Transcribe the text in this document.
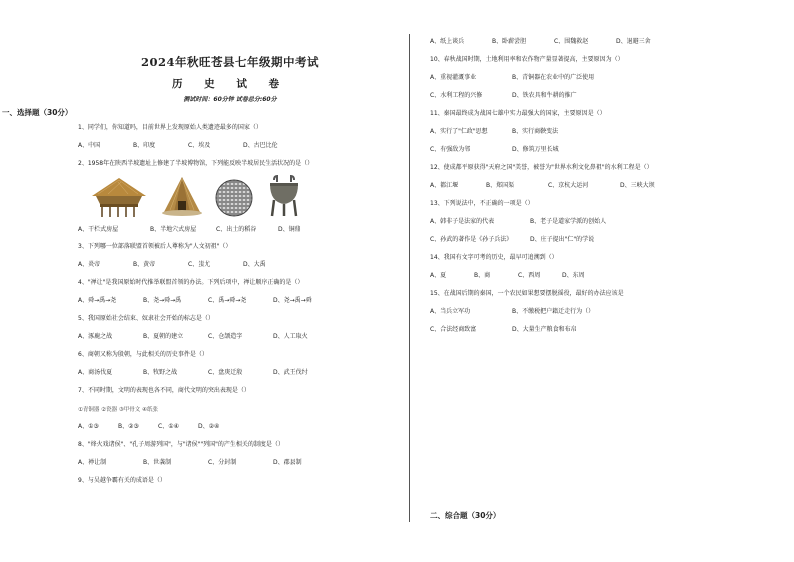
2024年秋旺苍县七年级期中考试
历 史 试 卷
测试时间：60分钟 试卷总分:60分
一、选择题（30分）
1、同学们，你知道吗，目前世界上发现原始人类遗迹最多的国家（）
A、中国	B、印度	C、埃及	D、古巴比伦
2、1958年在陕西半坡遗址上修建了半坡博物馆，下列能反映半坡居民生活状况的是（）
A、干栏式房屋	B、半地穴式房屋	C、出土的稻谷	D、铜鼎
3、下列哪一位部落联盟首领被后人尊称为"人文初祖"（）
A、炎帝	B、黄帝	C、蚩尤	D、大禹
4、"禅让"是我国原始时代推举联盟首领的办法。下列后项中，禅让顺序正确的是（）
A、舜→禹→尧	B、尧→舜→禹	C、禹→舜→尧	D、尧→禹→舜
5、我国原始社会结束、奴隶社会开始的标志是（）
A、涿鹿之战	B、夏朝的建立	C、仓颉造字	D、人工取火
6、商朝又称为殷朝，与此相关的历史事件是（）
A、商汤伐夏	B、牧野之战	C、盘庚迁殷	D、武王伐纣
7、不同时期，文明的表现也各不同，商代文明的突出表现是（）
①青铜器 ②瓷器 ③甲骨文 ④纸张
A、①③	B、②③	C、①④	D、②④
8、"烽火戏诸侯"、"孔子周游列国"，与"诸侯""列国"的产生相关的制度是（）
A、禅让制	B、世袭制	C、分封制	D、郡县制
9、与吴越争霸有关的成语是（）
A、纸上谈兵	B、卧薪尝胆	C、围魏救赵	D、退避三舍
10、春秋战国时期，土地利用率和农作物产量显著提高，主要原因为（）
A、重视灌溉事业	B、青铜器在农业中的广泛使用
C、水利工程的兴修	D、铁农具和牛耕的推广
11、秦国最终成为战国七雄中实力最强大的国家，主要原因是（）
A、实行了"仁政"思想	B、实行商鞅变法
C、有强敌为邻	D、修筑万里长城
12、使成都平原获得"天府之国"美誉，被誉为"世界水利文化鼻祖"的水利工程是（）
A、都江堰	B、郑国渠	C、京杭大运河	D、三峡大坝
13、下列说法中，不正确的一项是（）
A、韩非子是法家的代表	B、老子是道家学派的创始人
C、孙武的著作是《孙子兵法》	D、庄子提出"仁"的学说
14、我国有文字可考的历史，最早可追溯到（）
A、夏	B、商	C、西周	D、东周
15、在战国后期的秦国，一个农民如果想要摆脱徭役，最好的办法应该是
A、当兵立军功	B、不缴税把户籍迁走行为（）
C、合法经商致富	D、大量生产粮食和布帛
二、综合题（30分）
